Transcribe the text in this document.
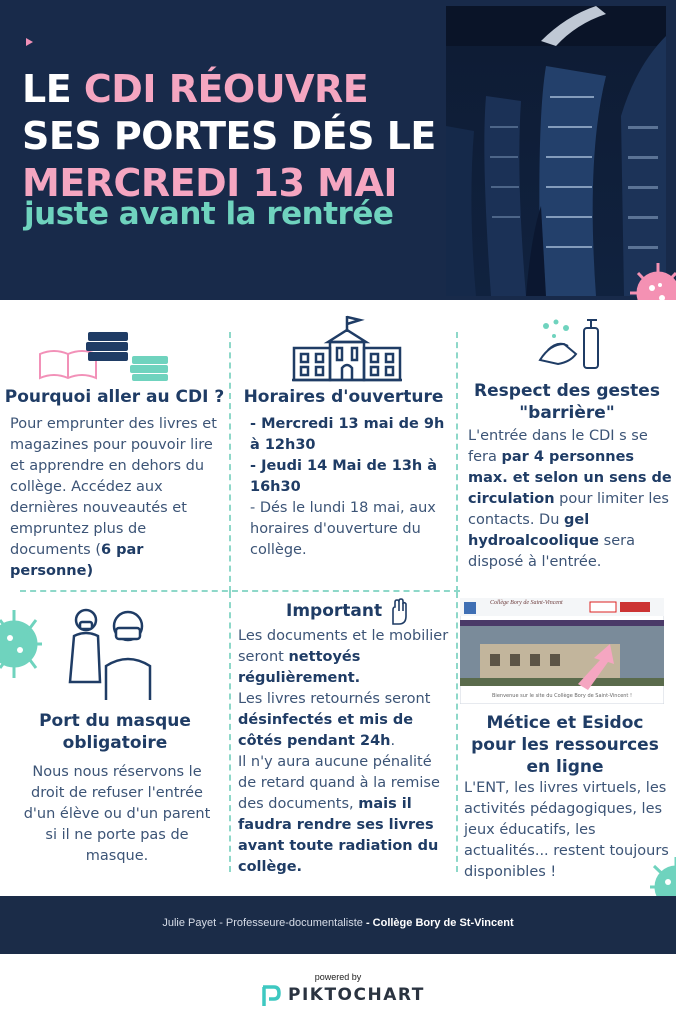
LE CDI RÉOUVRE
SES PORTES DÉS LE
MERCREDI 13 MAI

juste avant la rentrée

Pourquoi aller au CDI ?
Pour emprunter des livres et magazines pour pouvoir lire et apprendre en dehors du collège. Accédez aux dernières nouveautés et empruntez plus de documents (6 par personne)
Horaires d'ouverture
- Mercredi 13 mai de 9h à 12h30
- Jeudi 14 Mai de 13h à 16h30
- Dés le lundi 18 mai, aux horaires d'ouverture du collège.
Respect des gestes "barrière"
L'entrée dans le CDI s se fera par 4 personnes max. et selon un sens de circulation pour limiter les contacts. Du gel hydroalcoolique sera disposé à l'entrée.
Port du masque obligatoire
Nous nous réservons le droit de refuser l'entrée d'un élève ou d'un parent si il ne porte pas de masque.
Important
Les documents et le mobilier seront nettoyés régulièrement.
Les livres retournés seront désinfectés et mis de côtés pendant 24h.
Il n'y aura aucune pénalité de retard quand à la remise des documents, mais il faudra rendre ses livres avant toute radiation du collège.
Collège Bory de Saint-Vincent
Bienvenue sur le site du Collège Bory de Saint-Vincent !
Métice et Esidoc pour les ressources en ligne
L'ENT, les livres virtuels, les activités pédagogiques, les jeux éducatifs, les actualités... restent toujours disponibles !
Julie Payet - Professeure-documentaliste - Collège Bory de St-Vincent
powered by
PIKTOCHART
